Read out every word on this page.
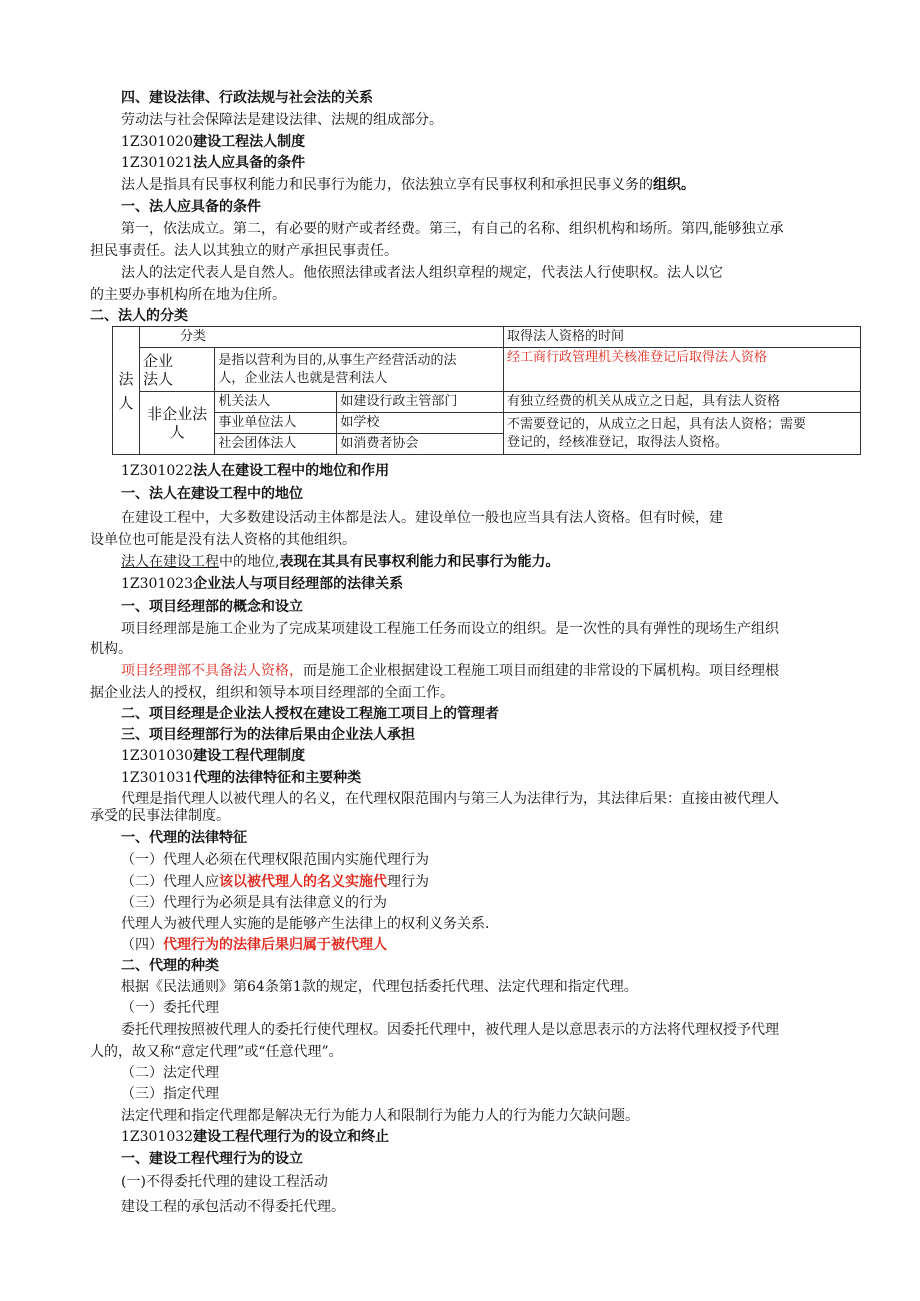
四、建设法律、行政法规与社会法的关系
劳动法与社会保障法是建设法律、法规的组成部分。
1Z301020建设工程法人制度
1Z301021法人应具备的条件
法人是指具有民事权利能力和民事行为能力，依法独立享有民事权利和承担民事义务的组织。
一、法人应具备的条件
第一，依法成立。第二，有必要的财产或者经费。第三，有自己的名称、组织机构和场所。第四,能够独立承
担民事责任。法人以其独立的财产承担民事责任。
法人的法定代表人是自然人。他依照法律或者法人组织章程的规定，代表法人行使职权。法人以它
的主要办事机构所在地为住所。
二、法人的分类
法人	分类			取得法人资格的时间
	企业法人	是指以营利为目的,从事生产经营活动的法
人，企业法人也就是营利法人		经工商行政管理机关核准登记后取得法人资格
	非企业法人	机关法人	如建设行政主管部门	有独立经费的机关从成立之日起，具有法人资格
		事业单位法人	如学校	不需要登记的，从成立之日起，具有法人资格；需要
登记的，经核准登记，取得法人资格。

		社会团体法人	如消费者协会	
1Z301022法人在建设工程中的地位和作用
一、法人在建设工程中的地位
在建设工程中，大多数建设活动主体都是法人。建设单位一般也应当具有法人资格。但有时候，建
设单位也可能是没有法人资格的其他组织。
法人在建设工程中的地位,表现在其具有民事权利能力和民事行为能力。
1Z301023企业法人与项目经理部的法律关系
一、项目经理部的概念和设立
项目经理部是施工企业为了完成某项建设工程施工任务而设立的组织。是一次性的具有弹性的现场生产组织
机构。
项目经理部不具备法人资格，而是施工企业根据建设工程施工项目而组建的非常设的下属机构。项目经理根
据企业法人的授权，组织和领导本项目经理部的全面工作。
二、项目经理是企业法人授权在建设工程施工项目上的管理者
三、项目经理部行为的法律后果由企业法人承担
1Z301030建设工程代理制度
1Z301031代理的法律特征和主要种类
代理是指代理人以被代理人的名义，在代理权限范围内与第三人为法律行为，其法律后果：直接由被代理人
承受的民事法律制度。
一、代理的法律特征
（一）代理人必须在代理权限范围内实施代理行为
（二）代理人应该以被代理人的名义实施代理行为
（三）代理行为必须是具有法律意义的行为
代理人为被代理人实施的是能够产生法律上的权利义务关系.
（四）代理行为的法律后果归属于被代理人
二、代理的种类
根据《民法通则》第64条第1款的规定，代理包括委托代理、法定代理和指定代理。
（一）委托代理
委托代理按照被代理人的委托行使代理权。因委托代理中，被代理人是以意思表示的方法将代理权授予代理
人的，故又称“意定代理”或“任意代理”。
（二）法定代理
（三）指定代理
法定代理和指定代理都是解决无行为能力人和限制行为能力人的行为能力欠缺问题。
1Z301032建设工程代理行为的设立和终止
一、建设工程代理行为的设立
(一)不得委托代理的建设工程活动
建设工程的承包活动不得委托代理。
